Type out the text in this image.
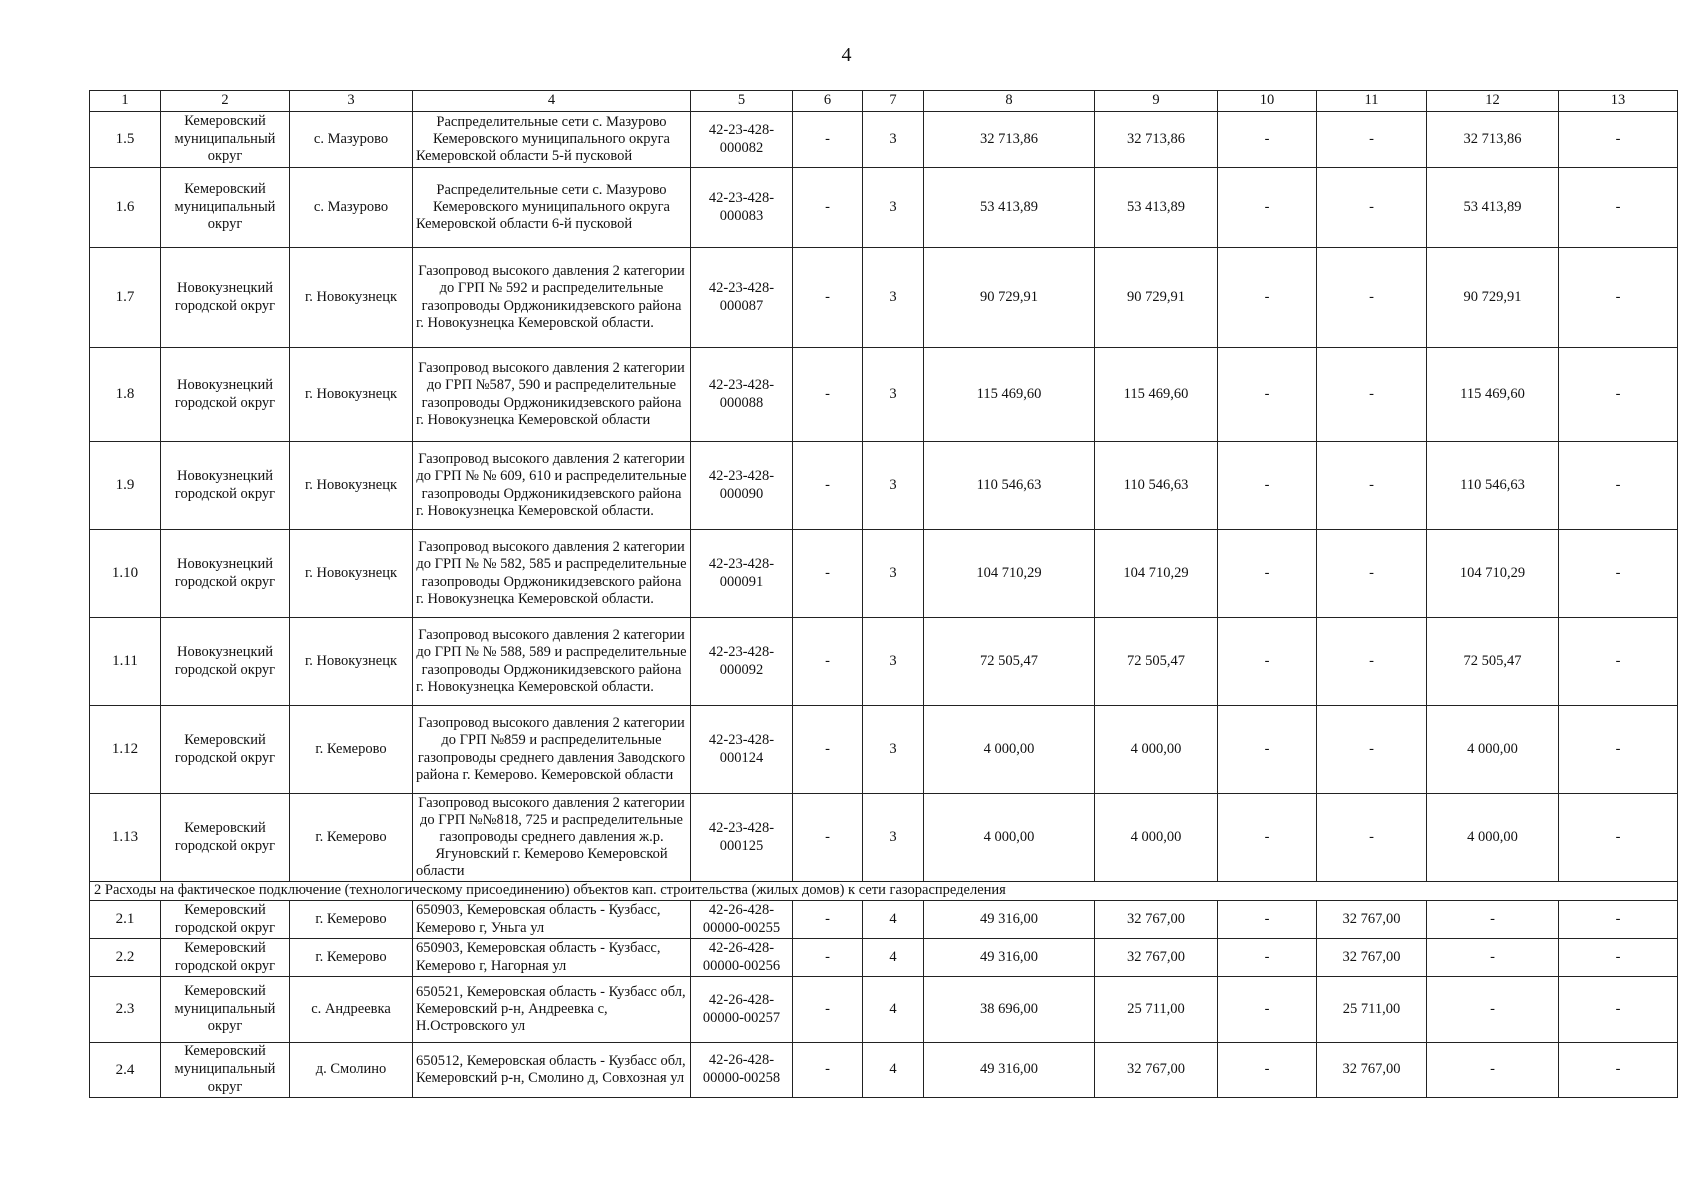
4
1	2	3	4	5	6	7	8	9	10	11	12	13
1.5	Кемеровский муниципальный округ	с. Мазурово	Распределительные сети с. Мазурово Кемеровского муниципального округа Кемеровской области 5-й пусковой	42-23-428-000082	-	3	32 713,86	32 713,86	-	-	32 713,86	-
1.6	Кемеровский муниципальный округ	с. Мазурово	Распределительные сети с. Мазурово Кемеровского муниципального округа Кемеровской области 6-й пусковой	42-23-428-000083	-	3	53 413,89	53 413,89	-	-	53 413,89	-
1.7	Новокузнецкий городской округ	г. Новокузнецк	Газопровод высокого давления 2 категории до ГРП № 592 и распределительные газопроводы Орджоникидзевского района г. Новокузнецка Кемеровской области.	42-23-428-000087	-	3	90 729,91	90 729,91	-	-	90 729,91	-
1.8	Новокузнецкий городской округ	г. Новокузнецк	Газопровод высокого давления 2 категории до ГРП №587, 590 и распределительные газопроводы Орджоникидзевского района г. Новокузнецка Кемеровской области	42-23-428-000088	-	3	115 469,60	115 469,60	-	-	115 469,60	-
1.9	Новокузнецкий городской округ	г. Новокузнецк	Газопровод высокого давления 2 категории до ГРП № № 609, 610 и распределительные газопроводы Орджоникидзевского района г. Новокузнецка Кемеровской области.	42-23-428-000090	-	3	110 546,63	110 546,63	-	-	110 546,63	-
1.10	Новокузнецкий городской округ	г. Новокузнецк	Газопровод высокого давления 2 категории до ГРП № № 582, 585 и распределительные газопроводы Орджоникидзевского района г. Новокузнецка Кемеровской области.	42-23-428-000091	-	3	104 710,29	104 710,29	-	-	104 710,29	-
1.11	Новокузнецкий городской округ	г. Новокузнецк	Газопровод высокого давления 2 категории до ГРП № № 588, 589 и распределительные газопроводы Орджоникидзевского района г. Новокузнецка Кемеровской области.	42-23-428-000092	-	3	72 505,47	72 505,47	-	-	72 505,47	-
1.12	Кемеровский городской округ	г. Кемерово	Газопровод высокого давления 2 категории до ГРП №859 и распределительные газопроводы среднего давления Заводского района г. Кемерово. Кемеровской области	42-23-428-000124	-	3	4 000,00	4 000,00	-	-	4 000,00	-
1.13	Кемеровский городской округ	г. Кемерово	Газопровод высокого давления 2 категории до ГРП №№818, 725 и распределительные газопроводы среднего давления ж.р. Ягуновский г. Кемерово Кемеровской области	42-23-428-000125	-	3	4 000,00	4 000,00	-	-	4 000,00	-
2 Расходы на фактическое подключение (технологическому присоединению) объектов кап. строительства (жилых домов) к сети газораспределения												
2.1	Кемеровский городской округ	г. Кемерово	650903, Кемеровская область - Кузбасс, Кемерово г, Уньга ул	42-26-428-00000-00255	-	4	49 316,00	32 767,00	-	32 767,00	-	-
2.2	Кемеровский городской округ	г. Кемерово	650903, Кемеровская область - Кузбасс, Кемерово г, Нагорная ул	42-26-428-00000-00256	-	4	49 316,00	32 767,00	-	32 767,00	-	-
2.3	Кемеровский муниципальный округ	с. Андреевка	650521, Кемеровская область - Кузбасс обл, Кемеровский р-н, Андреевка с, Н.Островского ул	42-26-428-00000-00257	-	4	38 696,00	25 711,00	-	25 711,00	-	-
2.4	Кемеровский муниципальный округ	д. Смолино	650512, Кемеровская область - Кузбасс обл, Кемеровский р-н, Смолино д, Совхозная ул	42-26-428-00000-00258	-	4	49 316,00	32 767,00	-	32 767,00	-	-
